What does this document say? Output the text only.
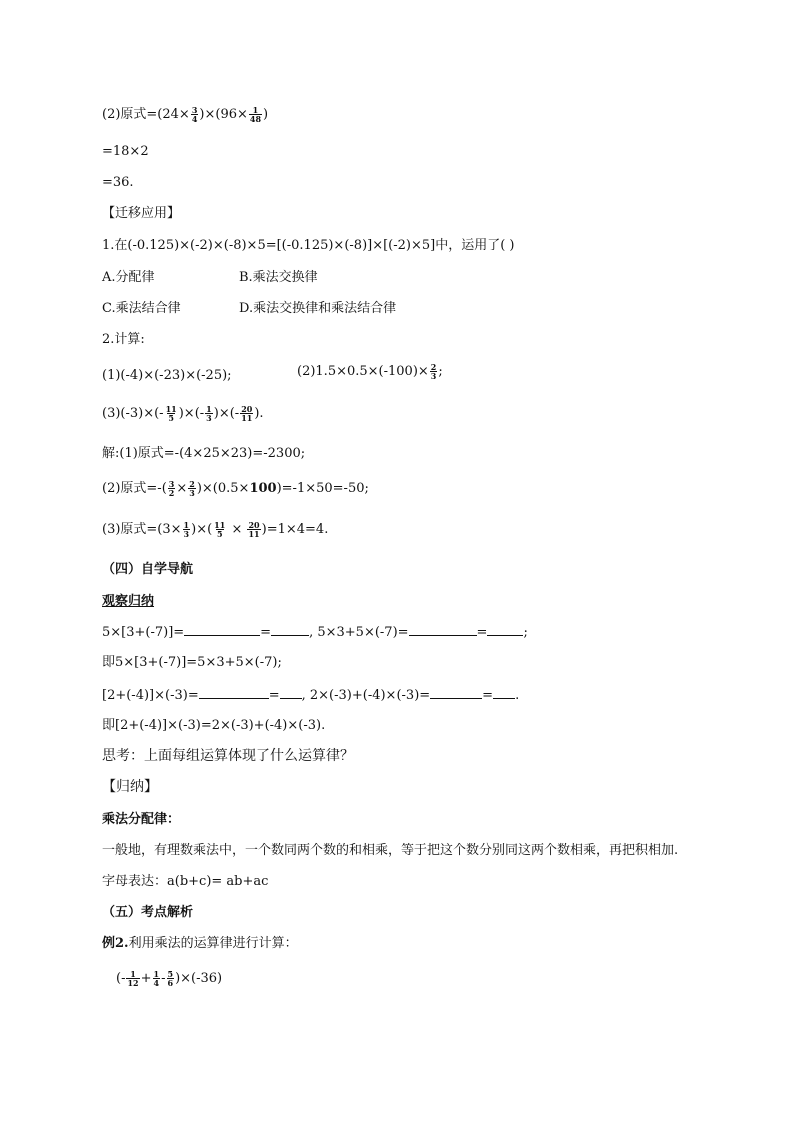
(2)原式$=(24\times \frac{3}{4} )\times(96\times \frac{1}{48}$ )
=18×2
=36.
【迁移应用】
1.在(-0.125)×(-2)×(-8)×5=[(-0.125)×(-8)]×[(-2)×5]中，运用了( )
A.分配律	B.乘法交换律
C.乘法结合律	D.乘法交换律和乘法结合律
2.计算:
(1)(-4)×(-23)×(-25);	$(2)1.5\times 0.5\times(-100)\times \frac{2}{3}$ ;
$(3)(-3)\times(- \frac{11}{5}$ )×(- $\frac{1}{3}$ )×(- $\frac{20}{11}$ ).
解:(1)原式=-(4×25×23)=-2300;
(2)原式=-( $\frac{3}{2} \times \frac{2}{3} )\times(0.5\times 100)=-1\times 50=-50$;
(3)原式$=(3\times \frac{1}{3}$ )×( $\frac{11}{5} \times \frac{20}{11} )=1\times 4=4$.
（四）自学导航
观察归纳
5×[3+(-7)]=	=	, 5×3+5×(-7)=	=	;
即5×[3+(-7)]=5×3+5×(-7);
[2+(-4)]×(-3)=	= , 2×(-3)+(-4)×(-3)=	= .
即[2+(-4)]×(-3)=2×(-3)+(-4)×(-3).
思考：上面每组运算体现了什么运算律？
【归纳】
乘法分配律：
一般地，有理数乘法中，一个数同两个数的和相乘，等于把这个数分别同这两个数相乘，再把积相加.
字母表达：a(b+c)= ab+ac
（五）考点解析
例2.利用乘法的运算律进行计算：
(- $\frac{1}{12} + \frac{1}{4} - \frac{5}{6} )\times(-36)$
